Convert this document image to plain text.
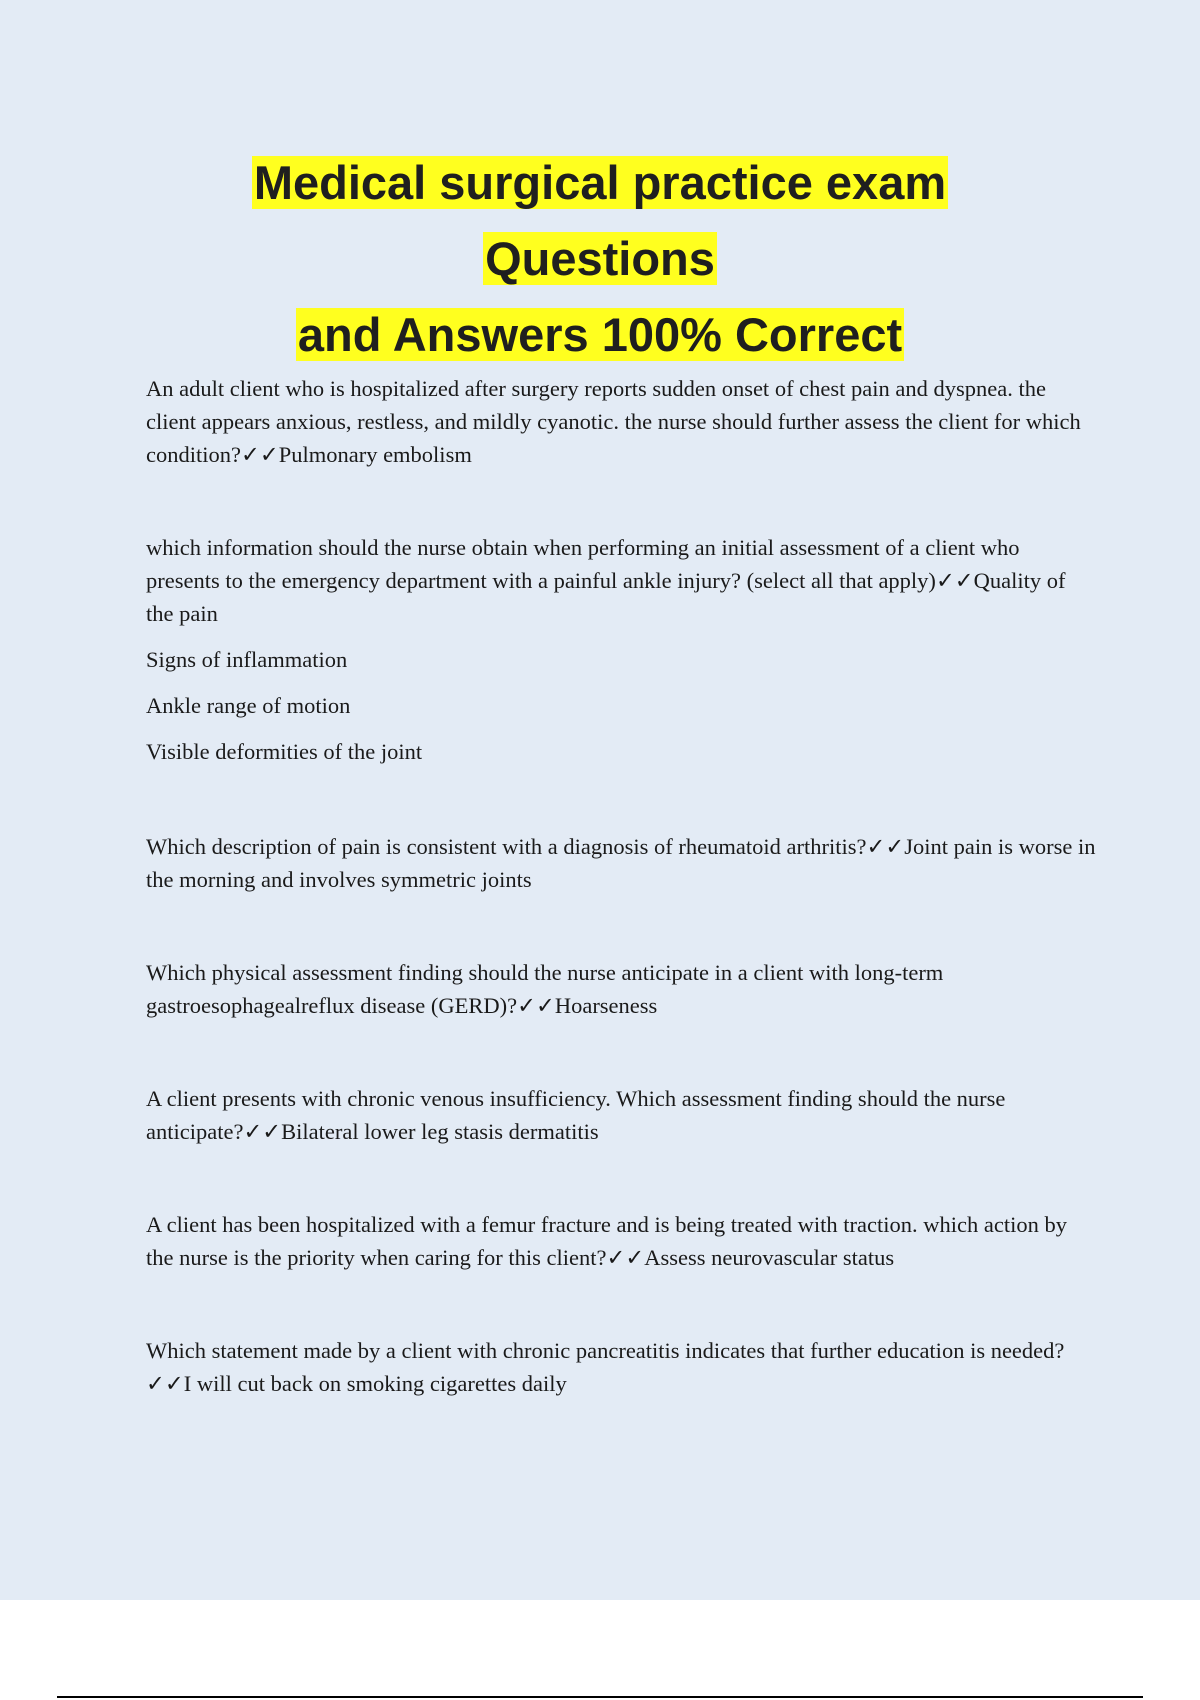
Medical surgical practice exam
Questions
and Answers 100% Correct

An adult client who is hospitalized after surgery reports sudden onset of chest pain and dyspnea. the client appears anxious, restless, and mildly cyanotic. the nurse should further assess the client for which condition?✓✓Pulmonary embolism

which information should the nurse obtain when performing an initial assessment of a client who presents to the emergency department with a painful ankle injury? (select all that apply)✓✓Quality of the pain

Signs of inflammation

Ankle range of motion

Visible deformities of the joint

Which description of pain is consistent with a diagnosis of rheumatoid arthritis?✓✓Joint pain is worse in the morning and involves symmetric joints

Which physical assessment finding should the nurse anticipate in a client with long-term gastroesophagealreflux disease (GERD)?✓✓Hoarseness

A client presents with chronic venous insufficiency. Which assessment finding should the nurse anticipate?✓✓Bilateral lower leg stasis dermatitis

A client has been hospitalized with a femur fracture and is being treated with traction. which action by the nurse is the priority when caring for this client?✓✓Assess neurovascular status

Which statement made by a client with chronic pancreatitis indicates that further education is needed?✓✓I will cut back on smoking cigarettes daily
